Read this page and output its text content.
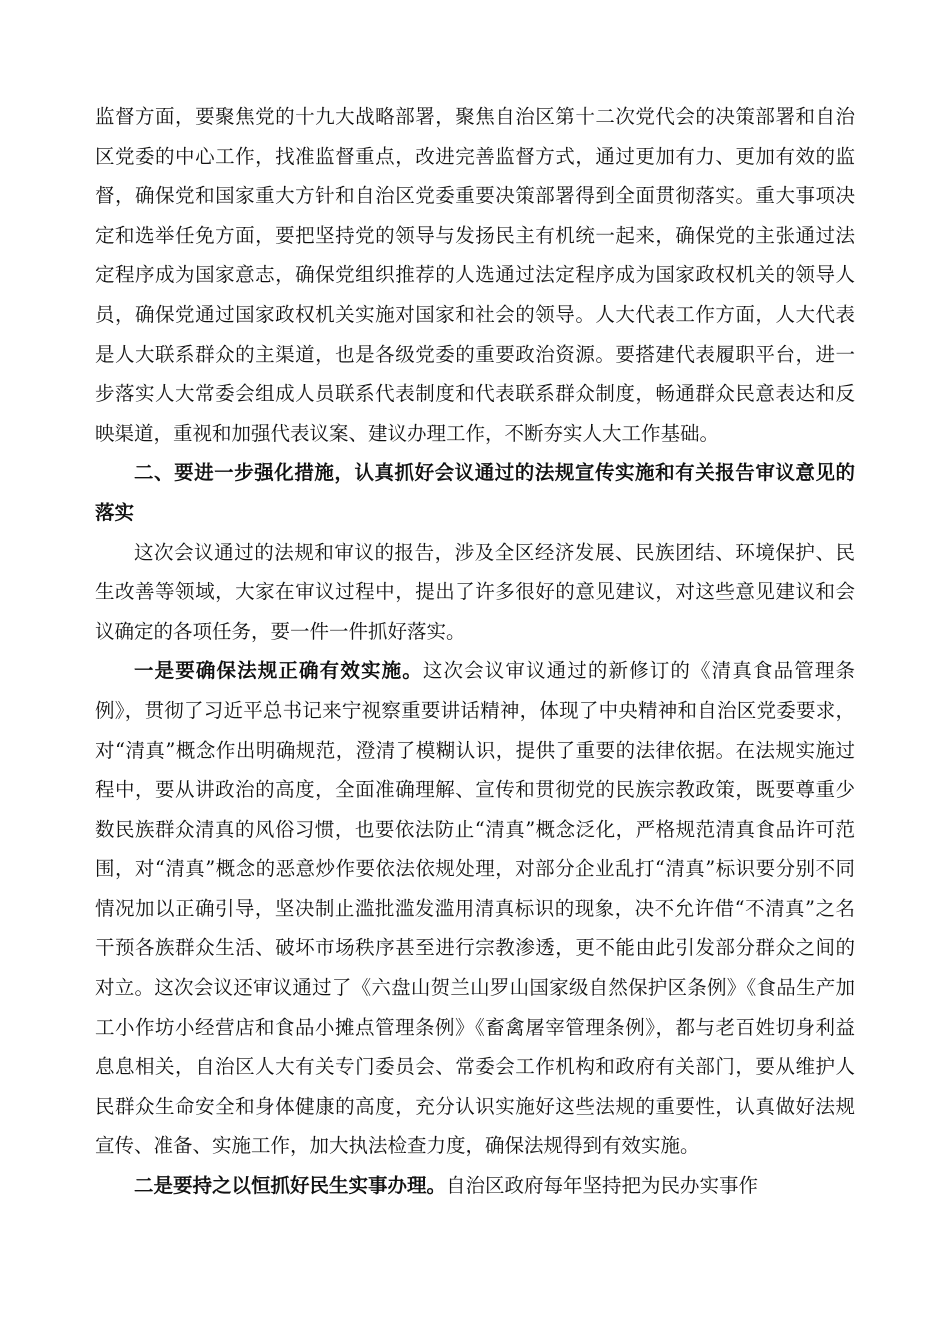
监督方面，要聚焦党的十九大战略部署，聚焦自治区第十二次党代会的决策部署和自治区党委的中心工作，找准监督重点，改进完善监督方式，通过更加有力、更加有效的监督，确保党和国家重大方针和自治区党委重要决策部署得到全面贯彻落实。重大事项决定和选举任免方面，要把坚持党的领导与发扬民主有机统一起来，确保党的主张通过法定程序成为国家意志，确保党组织推荐的人选通过法定程序成为国家政权机关的领导人员，确保党通过国家政权机关实施对国家和社会的领导。人大代表工作方面，人大代表是人大联系群众的主渠道，也是各级党委的重要政治资源。要搭建代表履职平台，进一步落实人大常委会组成人员联系代表制度和代表联系群众制度，畅通群众民意表达和反映渠道，重视和加强代表议案、建议办理工作，不断夯实人大工作基础。

二、要进一步强化措施，认真抓好会议通过的法规宣传实施和有关报告审议意见的落实

这次会议通过的法规和审议的报告，涉及全区经济发展、民族团结、环境保护、民生改善等领域，大家在审议过程中，提出了许多很好的意见建议，对这些意见建议和会议确定的各项任务，要一件一件抓好落实。

一是要确保法规正确有效实施。这次会议审议通过的新修订的《清真食品管理条例》，贯彻了习近平总书记来宁视察重要讲话精神，体现了中央精神和自治区党委要求，对“清真”概念作出明确规范，澄清了模糊认识，提供了重要的法律依据。在法规实施过程中，要从讲政治的高度，全面准确理解、宣传和贯彻党的民族宗教政策，既要尊重少数民族群众清真的风俗习惯，也要依法防止“清真”概念泛化，严格规范清真食品许可范围，对“清真”概念的恶意炒作要依法依规处理，对部分企业乱打“清真”标识要分别不同情况加以正确引导，坚决制止滥批滥发滥用清真标识的现象，决不允许借“不清真”之名干预各族群众生活、破坏市场秩序甚至进行宗教渗透，更不能由此引发部分群众之间的对立。这次会议还审议通过了《六盘山贺兰山罗山国家级自然保护区条例》《食品生产加工小作坊小经营店和食品小摊点管理条例》《畜禽屠宰管理条例》，都与老百姓切身利益息息相关，自治区人大有关专门委员会、常委会工作机构和政府有关部门，要从维护人民群众生命安全和身体健康的高度，充分认识实施好这些法规的重要性，认真做好法规宣传、准备、实施工作，加大执法检查力度，确保法规得到有效实施。

二是要持之以恒抓好民生实事办理。自治区政府每年坚持把为民办实事作
